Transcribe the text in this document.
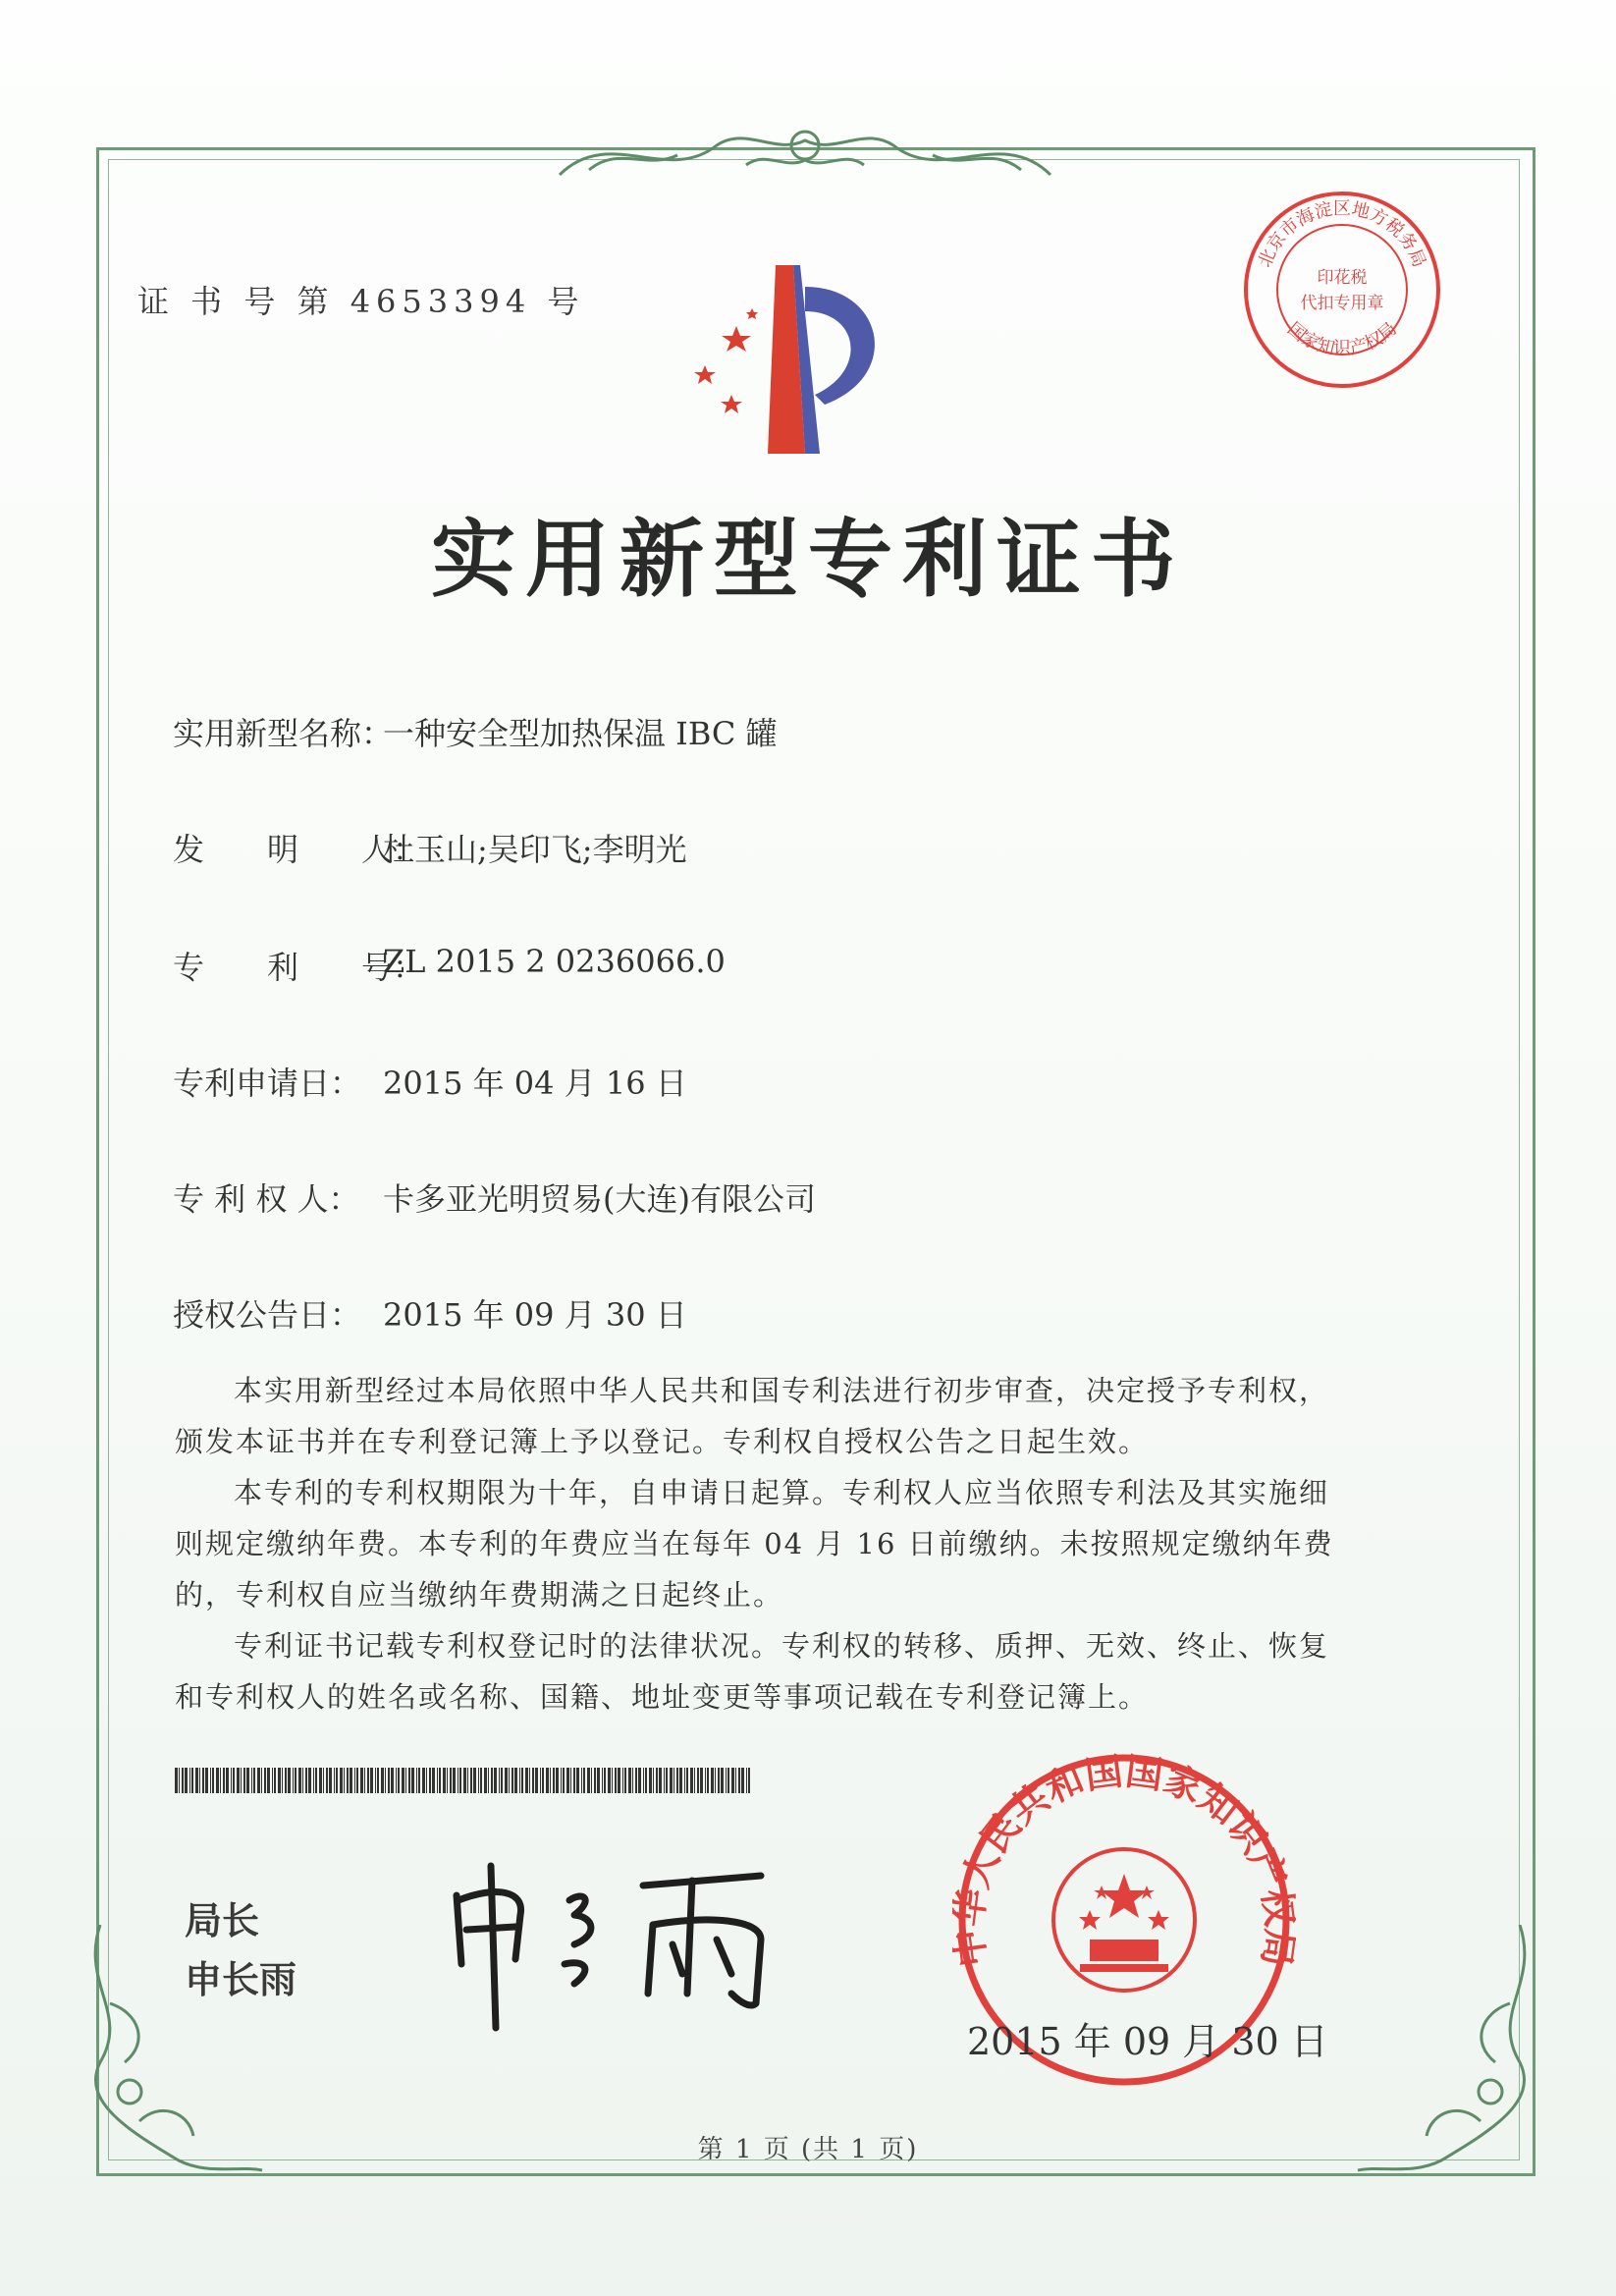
证 书 号 第 4653394 号
印花税
代扣专用章
北京市海淀区地方税务局
国家知识产权局
实用新型专利证书
实用新型名称：
一种安全型加热保温 IBC 罐
发　　明　　人：
杜玉山;吴印飞;李明光
专　　利　　号：
ZL 2015 2 0236066.0
专利申请日： 2015 年 04 月 16 日
专 利 权 人： 卡多亚光明贸易(大连)有限公司
授权公告日： 2015 年 09 月 30 日

本实用新型经过本局依照中华人民共和国专利法进行初步审查，决定授予专利权，颁发本证书并在专利登记簿上予以登记。专利权自授权公告之日起生效。

本专利的专利权期限为十年，自申请日起算。专利权人应当依照专利法及其实施细则规定缴纳年费。本专利的年费应当在每年 04 月 16 日前缴纳。未按照规定缴纳年费的，专利权自应当缴纳年费期满之日起终止。

专利证书记载专利权登记时的法律状况。专利权的转移、质押、无效、终止、恢复和专利权人的姓名或名称、国籍、地址变更等事项记载在专利登记簿上。

局长
申长雨
人民共和国国家知识产
2015 年 09 月 30 日
第 1 页 (共 1 页)
